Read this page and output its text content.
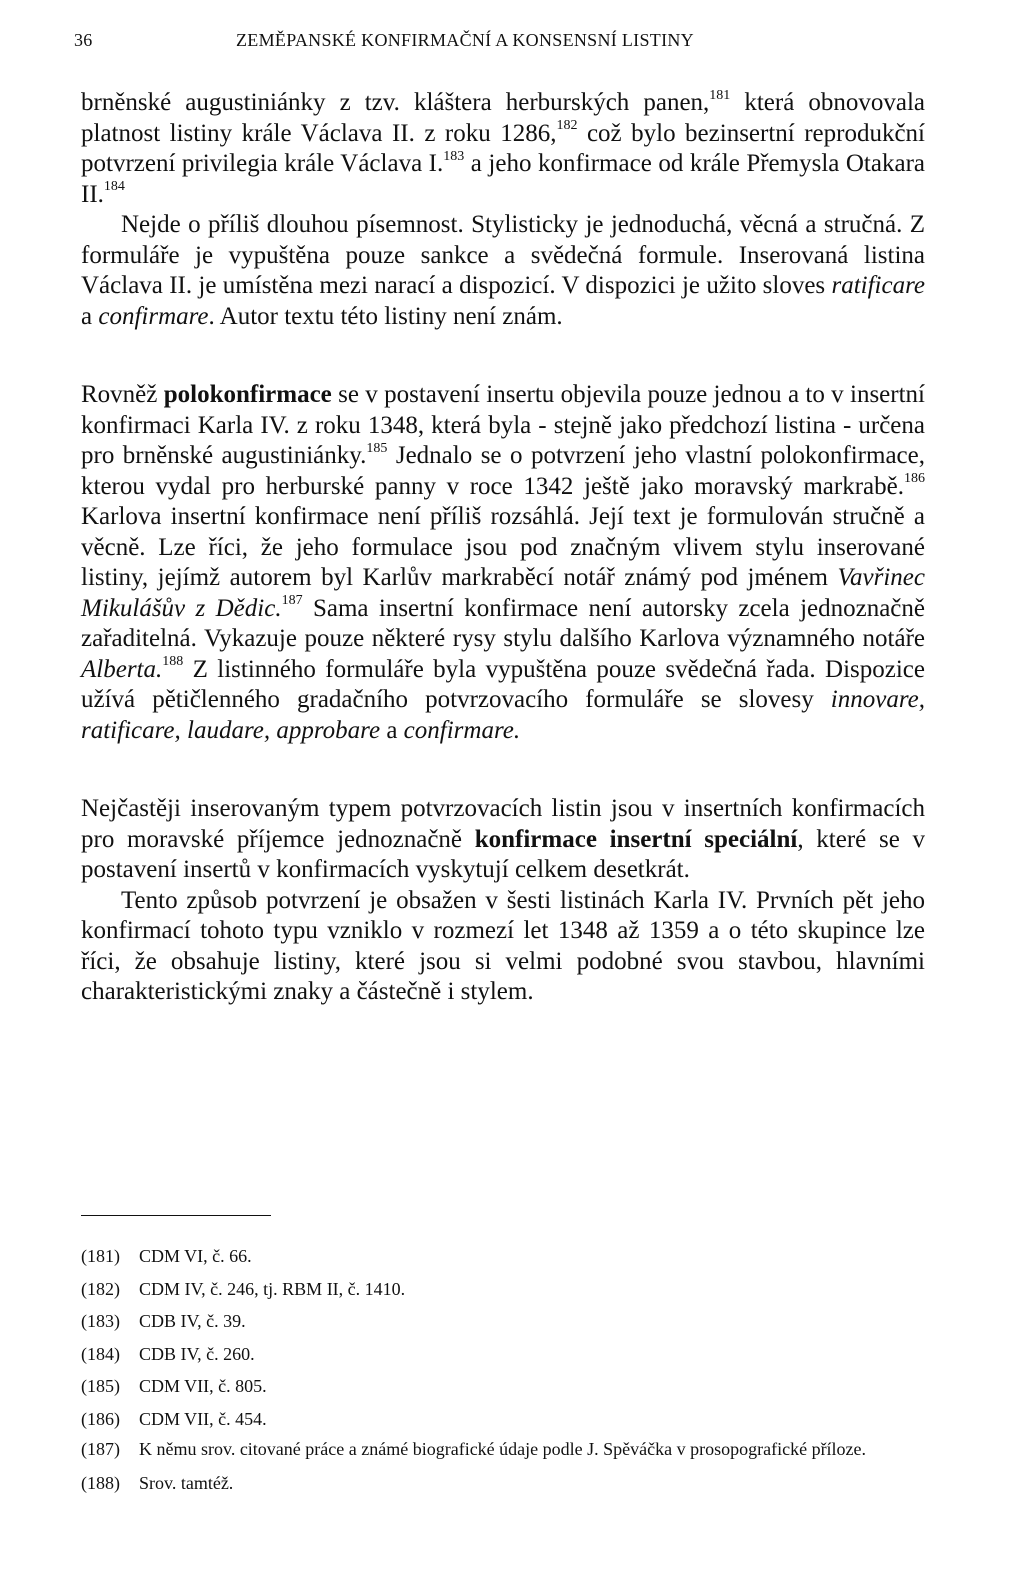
36	ZEMĚPANSKÉ KONFIRMAČNÍ A KONSENSNÍ LISTINY

brněnské augustiniánky z tzv. kláštera herburských panen,$^{181}$ která obnovovala platnost listiny krále Václava II. z roku 1286,$^{182}$ což bylo bezinsertní reprodukční potvrzení privilegia krále Václava I.$^{183}$ a jeho konfirmace od krále Přemysla Otakara II.$^{184}$

Nejde o příliš dlouhou písemnost. Stylisticky je jednoduchá, věcná a stručná. Z formuláře je vypuštěna pouze sankce a svědečná formule. Inserovaná listina Václava II. je umístěna mezi narací a dispozicí. V dispozici je užito sloves ratificare a confirmare. Autor textu této listiny není znám.

Rovněž polokonfirmace se v postavení insertu objevila pouze jednou a to v insertní konfirmaci Karla IV. z roku 1348, která byla - stejně jako předchozí listina - určena pro brněnské augustiniánky.$^{185}$ Jednalo se o potvrzení jeho vlastní polokonfirmace, kterou vydal pro herburské panny v roce 1342 ještě jako moravský markrabě.$^{186}$ Karlova insertní konfirmace není příliš rozsáhlá. Její text je formulován stručně a věcně. Lze říci, že jeho formulace jsou pod značným vlivem stylu inserované listiny, jejímž autorem byl Karlův markraběcí notář známý pod jménem Vavřinec Mikulášův z Dědic.$^{187}$ Sama insertní konfirmace není autorsky zcela jednoznačně zařaditelná. Vykazuje pouze některé rysy stylu dalšího Karlova významného notáře Alberta.$^{188}$ Z listinného formuláře byla vypuštěna pouze svědečná řada. Dispozice užívá pětičlenného gradačního potvrzovacího formuláře se slovesy innovare, ratificare, laudare, approbare a confirmare.

Nejčastěji inserovaným typem potvrzovacích listin jsou v insertních konfirmacích pro moravské příjemce jednoznačně konfirmace insertní speciální, které se v postavení insertů v konfirmacích vyskytují celkem desetkrát.

Tento způsob potvrzení je obsažen v šesti listinách Karla IV. Prvních pět jeho konfirmací tohoto typu vzniklo v rozmezí let 1348 až 1359 a o této skupince lze říci, že obsahuje listiny, které jsou si velmi podobné svou stavbou, hlavními charakteristickými znaky a částečně i stylem.

(181)	CDM VI, č. 66.
(182)	CDM IV, č. 246, tj. RBM II, č. 1410.
(183)	CDB IV, č. 39.
(184)	CDB IV, č. 260.
(185)	CDM VII, č. 805.
(186)	CDM VII, č. 454.
(187)	K němu srov. citované práce a známé biografické údaje podle J. Spěváčka v prosopografické příloze.
(188)	Srov. tamtéž.
